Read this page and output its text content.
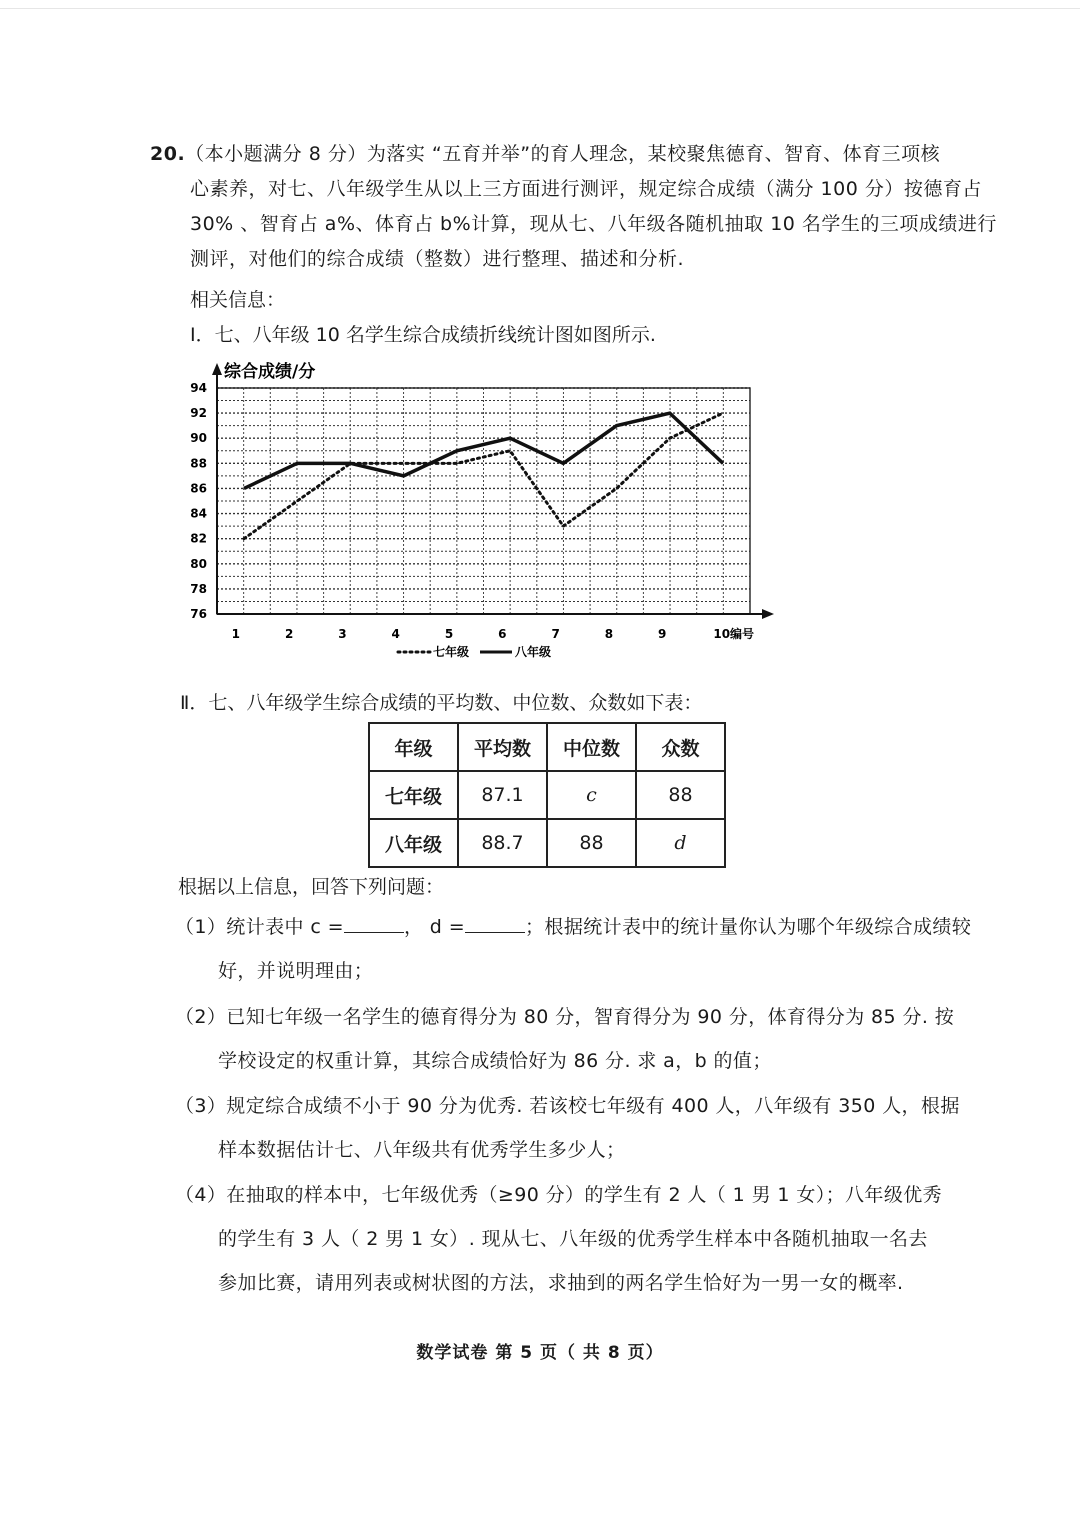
20.（本小题满分 8 分）为落实 “五育并举”的育人理念，某校聚焦德育、智育、体育三项核
心素养，对七、八年级学生从以上三方面进行测评，规定综合成绩（满分 100 分）按德育占
30% 、智育占 a%、体育占 b%计算，现从七、八年级各随机抽取 10 名学生的三项成绩进行
测评，对他们的综合成绩（整数）进行整理、描述和分析.
相关信息：
Ⅰ．七、八年级 10 名学生综合成绩折线统计图如图所示.
综合成绩/分
76
78
80
82
84
86
88
90
92
94
1	2	3	4	5	6	7	8	9	10编号
七年级	八年级
Ⅱ．七、八年级学生综合成绩的平均数、中位数、众数如下表：
年级	平均数	中位数	众数
七年级	87.1	c	88
八年级	88.7	88	d
根据以上信息，回答下列问题：
（1）统计表中 c =	， d =	；根据统计表中的统计量你认为哪个年级综合成绩较
好，并说明理由；
（2）已知七年级一名学生的德育得分为 80 分，智育得分为 90 分，体育得分为 85 分. 按
学校设定的权重计算，其综合成绩恰好为 86 分. 求 a，b 的值；
（3）规定综合成绩不小于 90 分为优秀. 若该校七年级有 400 人，八年级有 350 人，根据
样本数据估计七、八年级共有优秀学生多少人；
（4）在抽取的样本中，七年级优秀（≥90 分）的学生有 2 人（ 1 男 1 女）；八年级优秀
的学生有 3 人（ 2 男 1 女）. 现从七、八年级的优秀学生样本中各随机抽取一名去
参加比赛，请用列表或树状图的方法，求抽到的两名学生恰好为一男一女的概率.
数学试卷 第 5 页（ 共 8 页）
